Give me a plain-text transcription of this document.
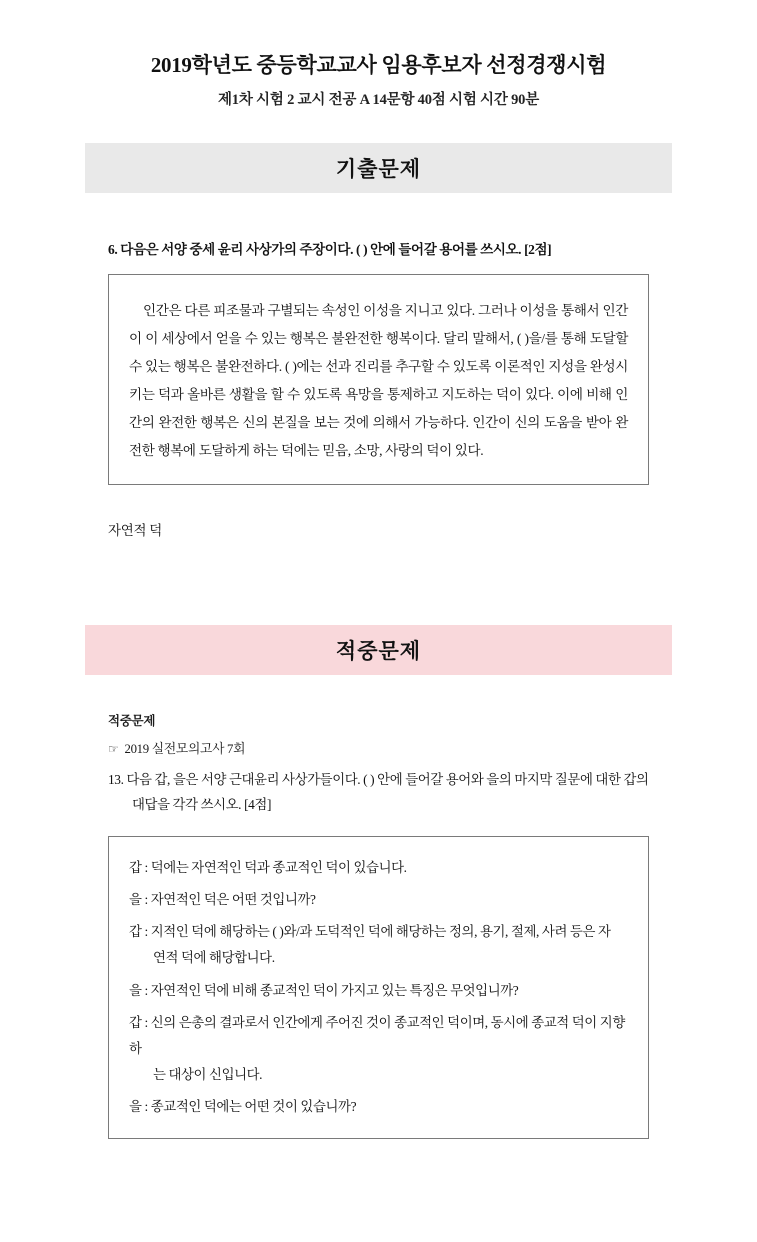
2019학년도 중등학교교사 임용후보자 선정경쟁시험
제1차 시험 2 교시 전공 A 14문항 40점 시험 시간 90분
기출문제
6. 다음은 서양 중세 윤리 사상가의 주장이다. ( ) 안에 들어갈 용어를 쓰시오. [2점]

인간은 다른 피조물과 구별되는 속성인 이성을 지니고 있다. 그러나 이성을 통해서 인간이 이 세상에서 얻을 수 있는 행복은 불완전한 행복이다. 달리 말해서, ( )을/를 통해 도달할 수 있는 행복은 불완전하다. ( )에는 선과 진리를 추구할 수 있도록 이론적인 지성을 완성시키는 덕과 올바른 생활을 할 수 있도록 욕망을 통제하고 지도하는 덕이 있다. 이에 비해 인간의 완전한 행복은 신의 본질을 보는 것에 의해서 가능하다. 인간이 신의 도움을 받아 완전한 행복에 도달하게 하는 덕에는 믿음, 소망, 사랑의 덕이 있다.

자연적 덕
적중문제
적중문제
☞ 2019 실전모의고사 7회
13. 다음 갑, 을은 서양 근대윤리 사상가들이다. ( ) 안에 들어갈 용어와 을의 마지막 질문에 대한 갑의
대답을 각각 쓰시오. [4점]

갑 : 덕에는 자연적인 덕과 종교적인 덕이 있습니다.

을 : 자연적인 덕은 어떤 것입니까?

갑 : 지적인 덕에 해당하는 ( )와/과 도덕적인 덕에 해당하는 정의, 용기, 절제, 사려 등은 자
연적 덕에 해당합니다.

을 : 자연적인 덕에 비해 종교적인 덕이 가지고 있는 특징은 무엇입니까?

갑 : 신의 은총의 결과로서 인간에게 주어진 것이 종교적인 덕이며, 동시에 종교적 덕이 지향하
는 대상이 신입니다.

을 : 종교적인 덕에는 어떤 것이 있습니까?
